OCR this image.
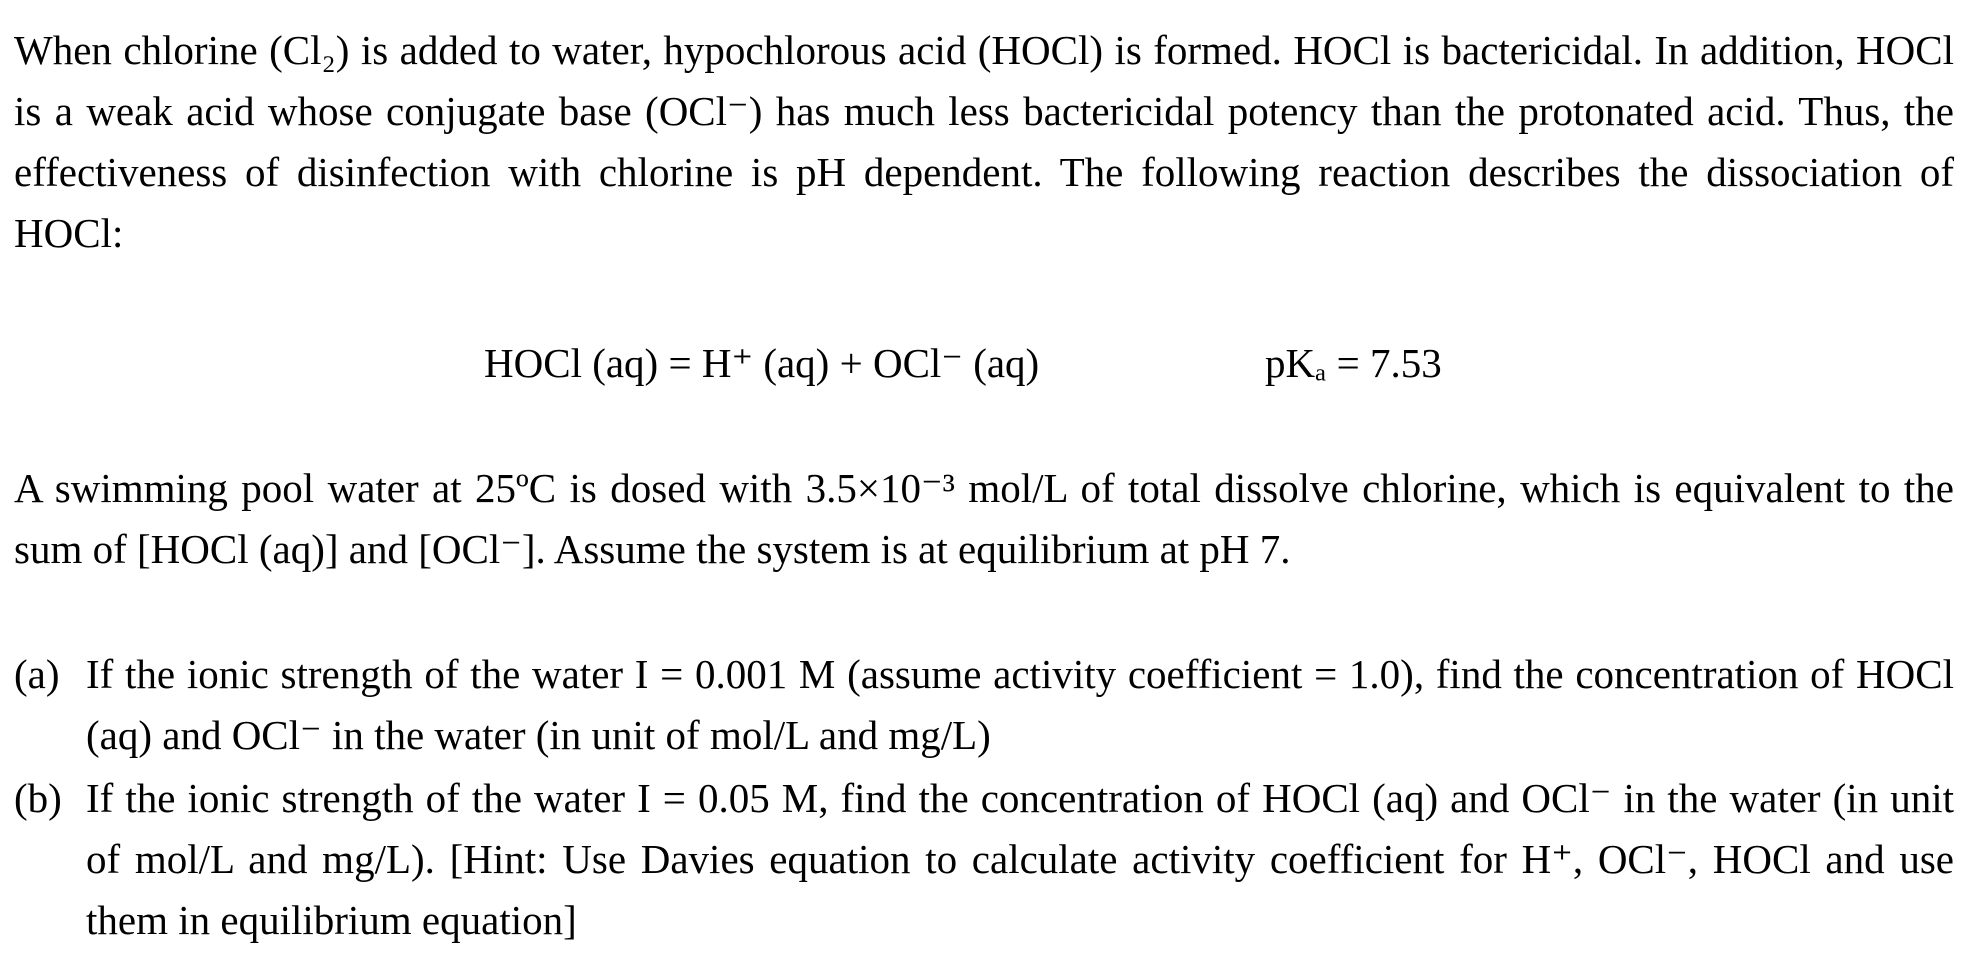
When chlorine (Cl₂) is added to water, hypochlorous acid (HOCl) is formed. HOCl is bactericidal. In addition, HOCl is a weak acid whose conjugate base (OCl⁻) has much less bactericidal potency than the protonated acid. Thus, the effectiveness of disinfection with chlorine is pH dependent. The following reaction describes the dissociation of HOCl:

HOCl (aq) = H⁺ (aq) + OCl⁻ (aq)	pKₐ = 7.53

A swimming pool water at 25ºC is dosed with 3.5×10⁻³ mol/L of total dissolve chlorine, which is equivalent to the sum of [HOCl (aq)] and [OCl⁻]. Assume the system is at equilibrium at pH 7.

(a) If the ionic strength of the water I = 0.001 M (assume activity coefficient = 1.0), find the concentration of HOCl (aq) and OCl⁻ in the water (in unit of mol/L and mg/L)
(b) If the ionic strength of the water I = 0.05 M, find the concentration of HOCl (aq) and OCl⁻ in the water (in unit of mol/L and mg/L). [Hint: Use Davies equation to calculate activity coefficient for H⁺, OCl⁻, HOCl and use them in equilibrium equation]
